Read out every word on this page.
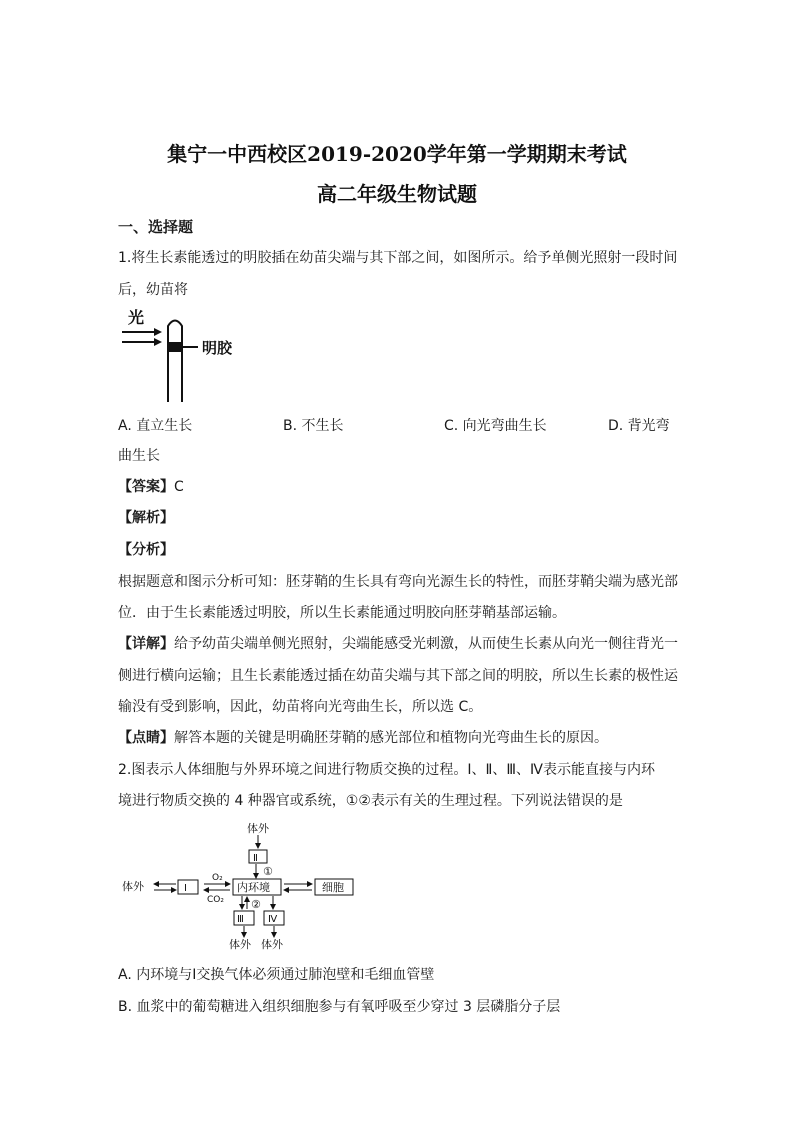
集宁一中西校区2019-2020学年第一学期期末考试
高二年级生物试题
一、选择题
1.将生长素能透过的明胶插在幼苗尖端与其下部之间，如图所示。给予单侧光照射一段时间
后，幼苗将
光
明胶
A. 直立生长	B. 不生长	C. 向光弯曲生长	D. 背光弯
曲生长
【答案】C
【解析】
【分析】
根据题意和图示分析可知：胚芽鞘的生长具有弯向光源生长的特性，而胚芽鞘尖端为感光部
位．由于生长素能透过明胶，所以生长素能通过明胶向胚芽鞘基部运输。
【详解】给予幼苗尖端单侧光照射，尖端能感受光刺激，从而使生长素从向光一侧往背光一
侧进行横向运输；且生长素能透过插在幼苗尖端与其下部之间的明胶，所以生长素的极性运
输没有受到影响，因此，幼苗将向光弯曲生长，所以选 C。
【点睛】解答本题的关键是明确胚芽鞘的感光部位和植物向光弯曲生长的原因。
2.图表示人体细胞与外界环境之间进行物质交换的过程。Ⅰ、Ⅱ、Ⅲ、Ⅳ表示能直接与内环
境进行物质交换的 4 种器官或系统，①②表示有关的生理过程。下列说法错误的是
体外
Ⅱ
①
体外	Ⅰ
O₂
CO₂
内环境	细胞
②
Ⅲ Ⅳ
体外 体外
A. 内环境与Ⅰ交换气体必须通过肺泡壁和毛细血管壁
B. 血浆中的葡萄糖进入组织细胞参与有氧呼吸至少穿过 3 层磷脂分子层
